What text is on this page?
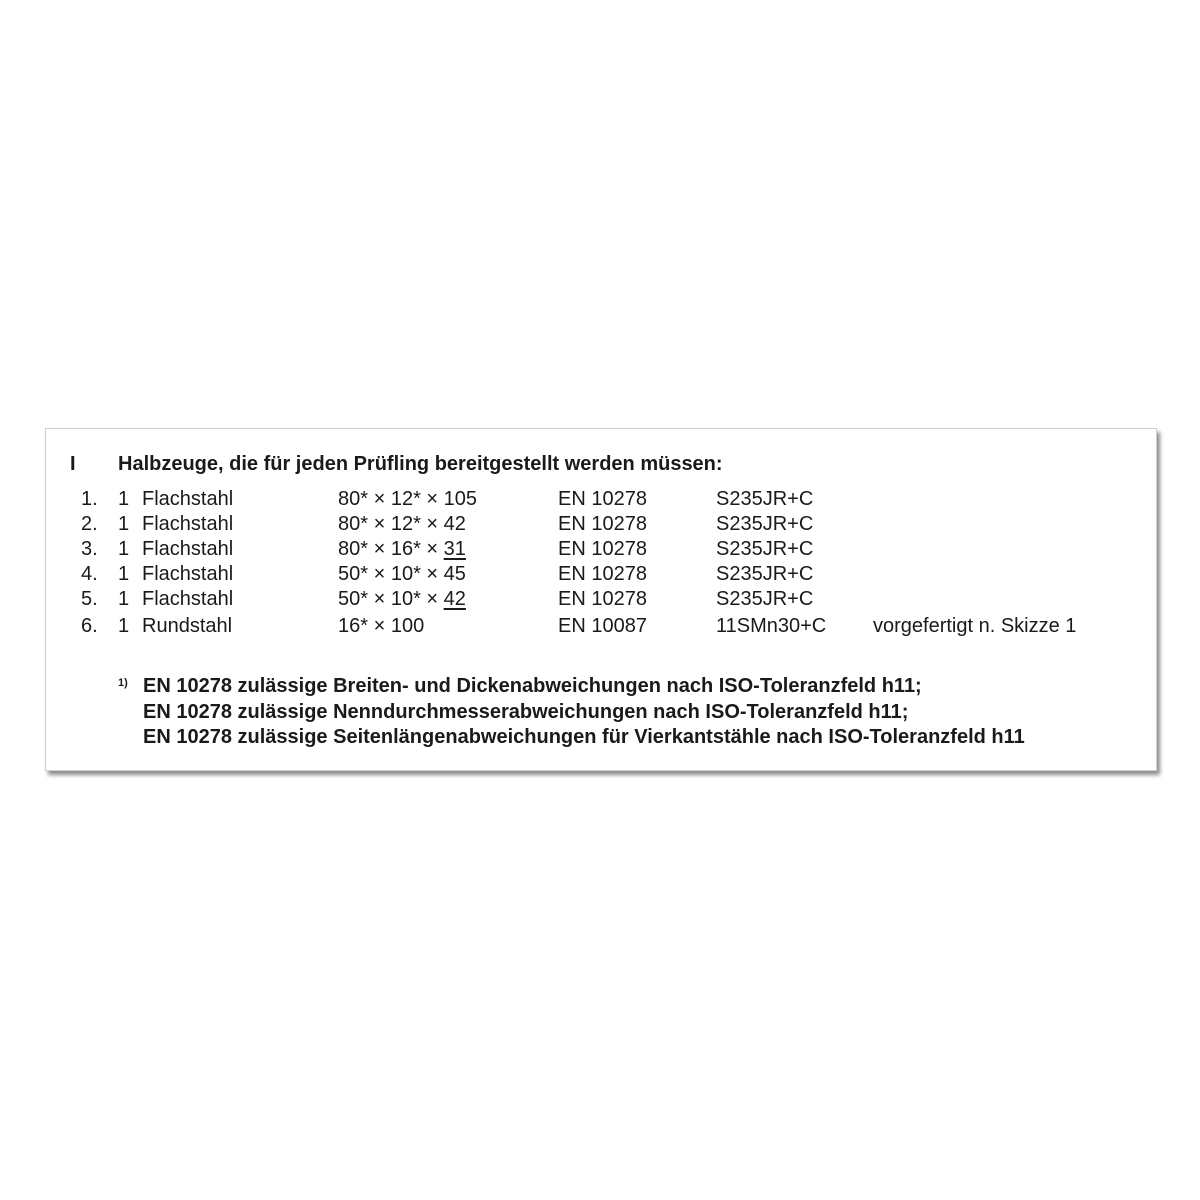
I Halbzeuge, die für jeden Prüfling bereitgestellt werden müssen:
1. 1 Flachstahl	80* × 12* × 105	EN 10278	S235JR+C
2. 1 Flachstahl	80* × 12* × 42	EN 10278	S235JR+C
3. 1 Flachstahl	80* × 16* × 31	EN 10278	S235JR+C
4. 1 Flachstahl	50* × 10* × 45	EN 10278	S235JR+C
5. 1 Flachstahl	50* × 10* × 42	EN 10278	S235JR+C
6. 1 Rundstahl	16* × 100	EN 10087	11SMn30+C vorgefertigt n. Skizze 1
1) EN 10278 zulässige Breiten- und Dickenabweichungen nach ISO-Toleranzfeld h11;
EN 10278 zulässige Nenndurchmesserabweichungen nach ISO-Toleranzfeld h11;
EN 10278 zulässige Seitenlängenabweichungen für Vierkantstähle nach ISO-Toleranzfeld h11
